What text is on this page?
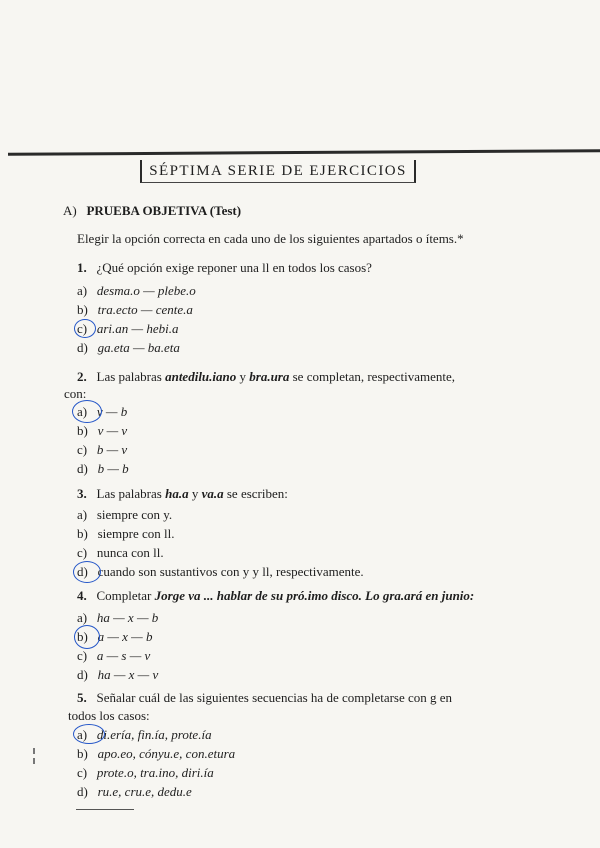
SÉPTIMA SERIE DE EJERCICIOS
A) PRUEBA OBJETIVA (Test)
Elegir la opción correcta en cada uno de los siguientes apartados o ítems.*
1. ¿Qué opción exige reponer una ll en todos los casos?
a) desma.o — plebe.o
b) tra.ecto — cente.a
c) ari.an — hebi.a
d) ga.eta — ba.eta
2. Las palabras antedilu.iano y bra.ura se completan, respectivamente,
con:
a) v — b
b) v — v
c) b — v
d) b — b
3. Las palabras ha.a y va.a se escriben:
a) siempre con y.
b) siempre con ll.
c) nunca con ll.
d) cuando son sustantivos con y y ll, respectivamente.
4. Completar Jorge va ... hablar de su pró.imo disco. Lo gra.ará en junio:
a) ha — x — b
b) a — x — b
c) a — s — v
d) ha — x — v
5. Señalar cuál de las siguientes secuencias ha de completarse con g en
todos los casos:
a) di.ería, fin.ía, prote.ía
b) apo.eo, cónyu.e, con.etura
c) prote.o, tra.ino, diri.ía
d) ru.e, cru.e, dedu.e
